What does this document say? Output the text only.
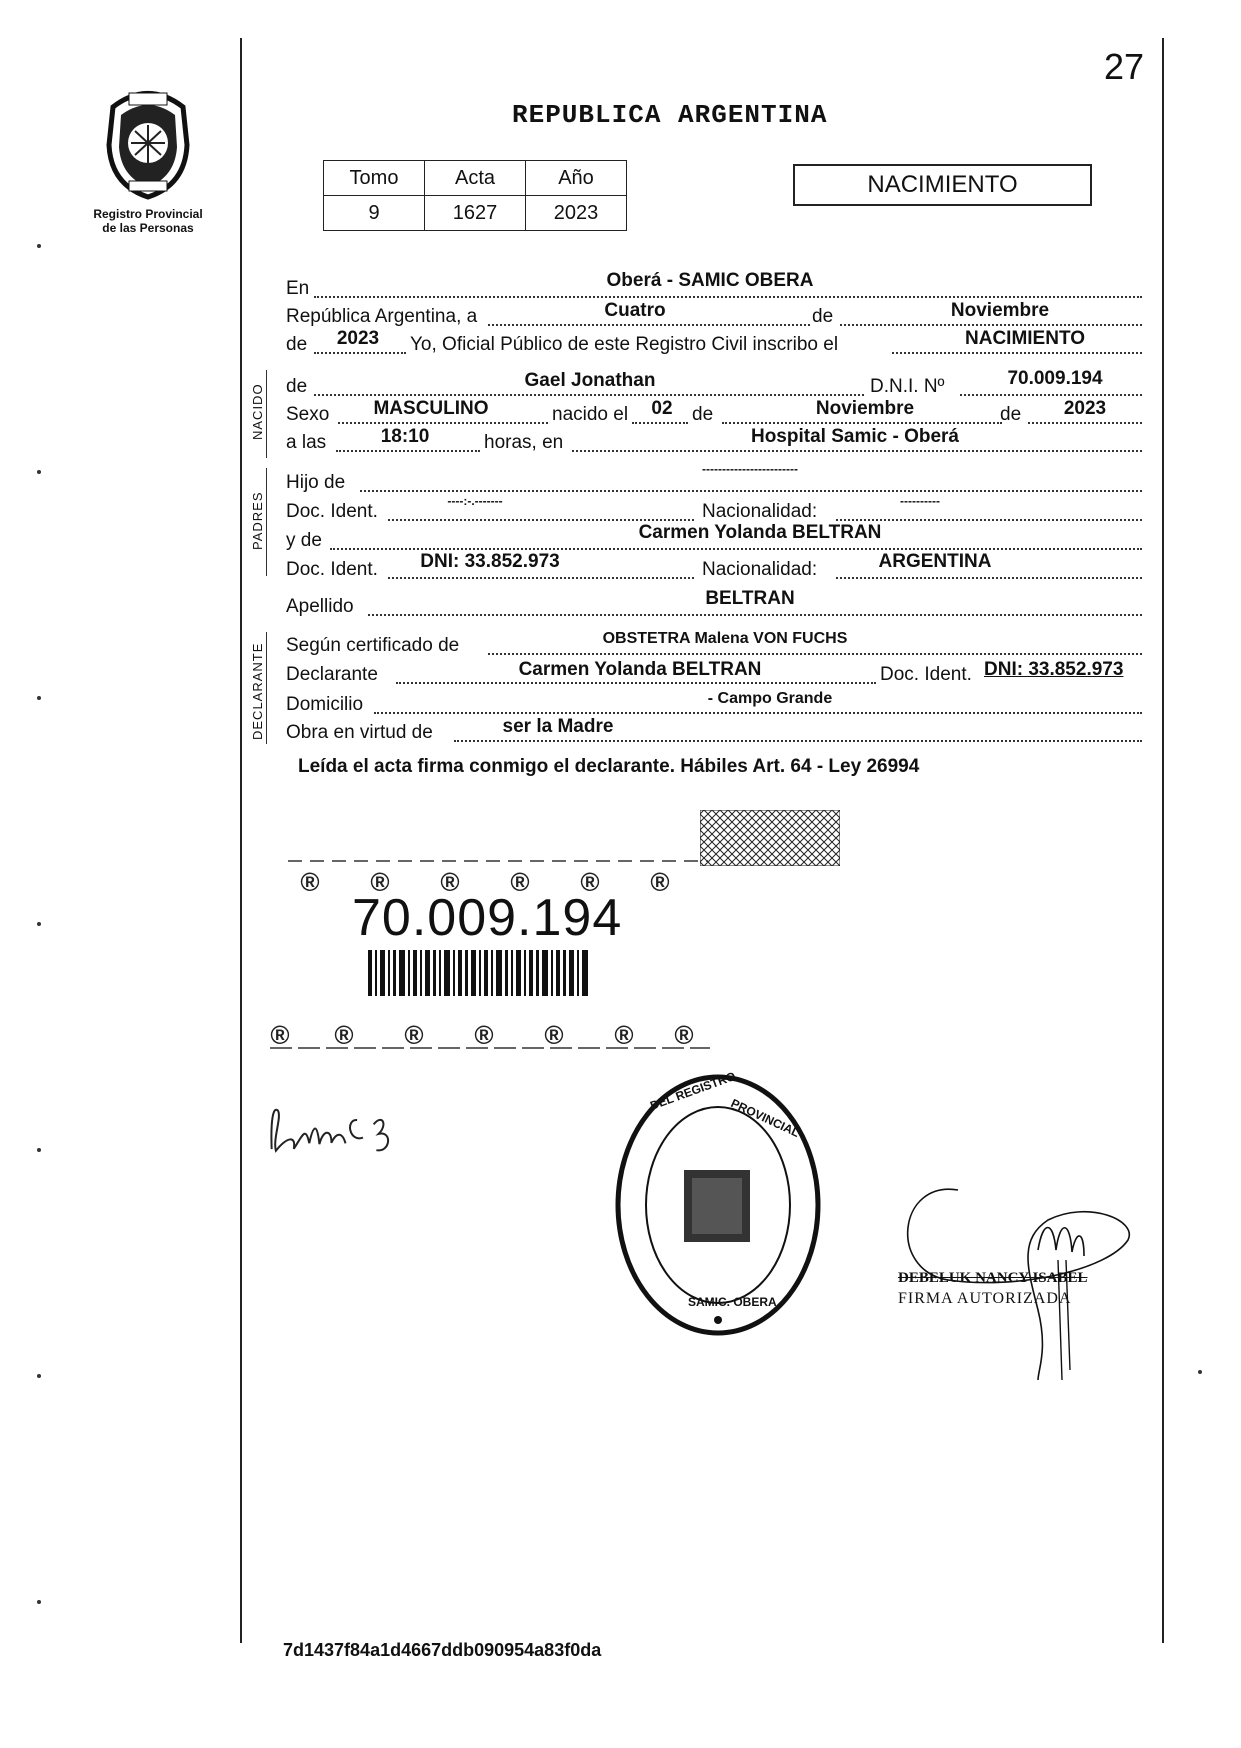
27
Registro Provincial
de las Personas
REPUBLICA ARGENTINA
Tomo	Acta	Año
9	1627	2023
NACIMIENTO
En	Oberá - SAMIC OBERA
República Argentina, a	Cuatro	de	Noviembre
de	2023	Yo, Oficial Público de este Registro Civil inscribo el	NACIMIENTO
NACIDO de	Gael Jonathan	D.N.I. Nº	70.009.194
Sexo	MASCULINO	nacido el	02	de	Noviembre	de	2023
a las	18:10	horas, en	Hospital Samic - Oberá
PADRES
Hijo de
------------------------
Doc. Ident.	----:-.-------	Nacionalidad:	----------
y de	Carmen Yolanda BELTRAN
Doc. Ident.	DNI: 33.852.973	Nacionalidad:	ARGENTINA
Apellido	BELTRAN
DECLARANTE Según certificado de	OBSTETRA Malena VON FUCHS
Declarante	Carmen Yolanda BELTRAN	Doc. Ident. DNI: 33.852.973
Domicilio	- Campo Grande
Obra en virtud de	ser la Madre
Leída el acta firma conmigo el declarante. Hábiles Art. 64 - Ley 26994
® ® ® ® ® ®
70.009.194
® ® ® ® ® ® ®
DEL REGISTRO
PROVINCIAL
SAMIC. OBERA
DEBELUK NANCY ISABEL
FIRMA AUTORIZADA
7d1437f84a1d4667ddb090954a83f0da
